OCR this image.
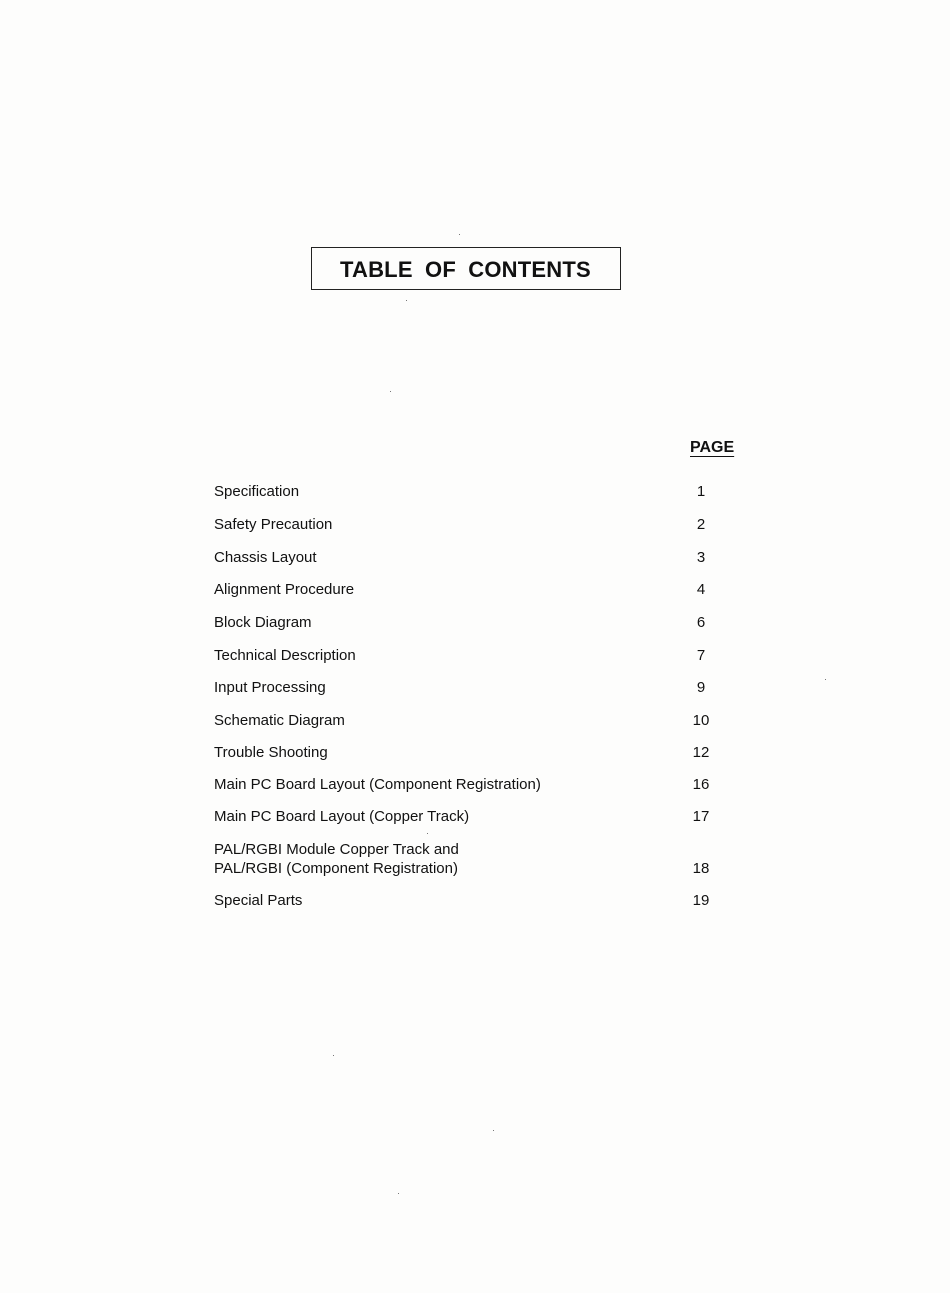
TABLE OF CONTENTS
PAGE
Specification	1
Safety Precaution	2
Chassis Layout	3
Alignment Procedure	4
Block Diagram	6
Technical Description	7
Input Processing	9
Schematic Diagram	10
Trouble Shooting	12
Main PC Board Layout (Component Registration)	16
Main PC Board Layout (Copper Track)	17
PAL/RGBI Module Copper Track and
PAL/RGBI (Component Registration)	18
Special Parts	19
